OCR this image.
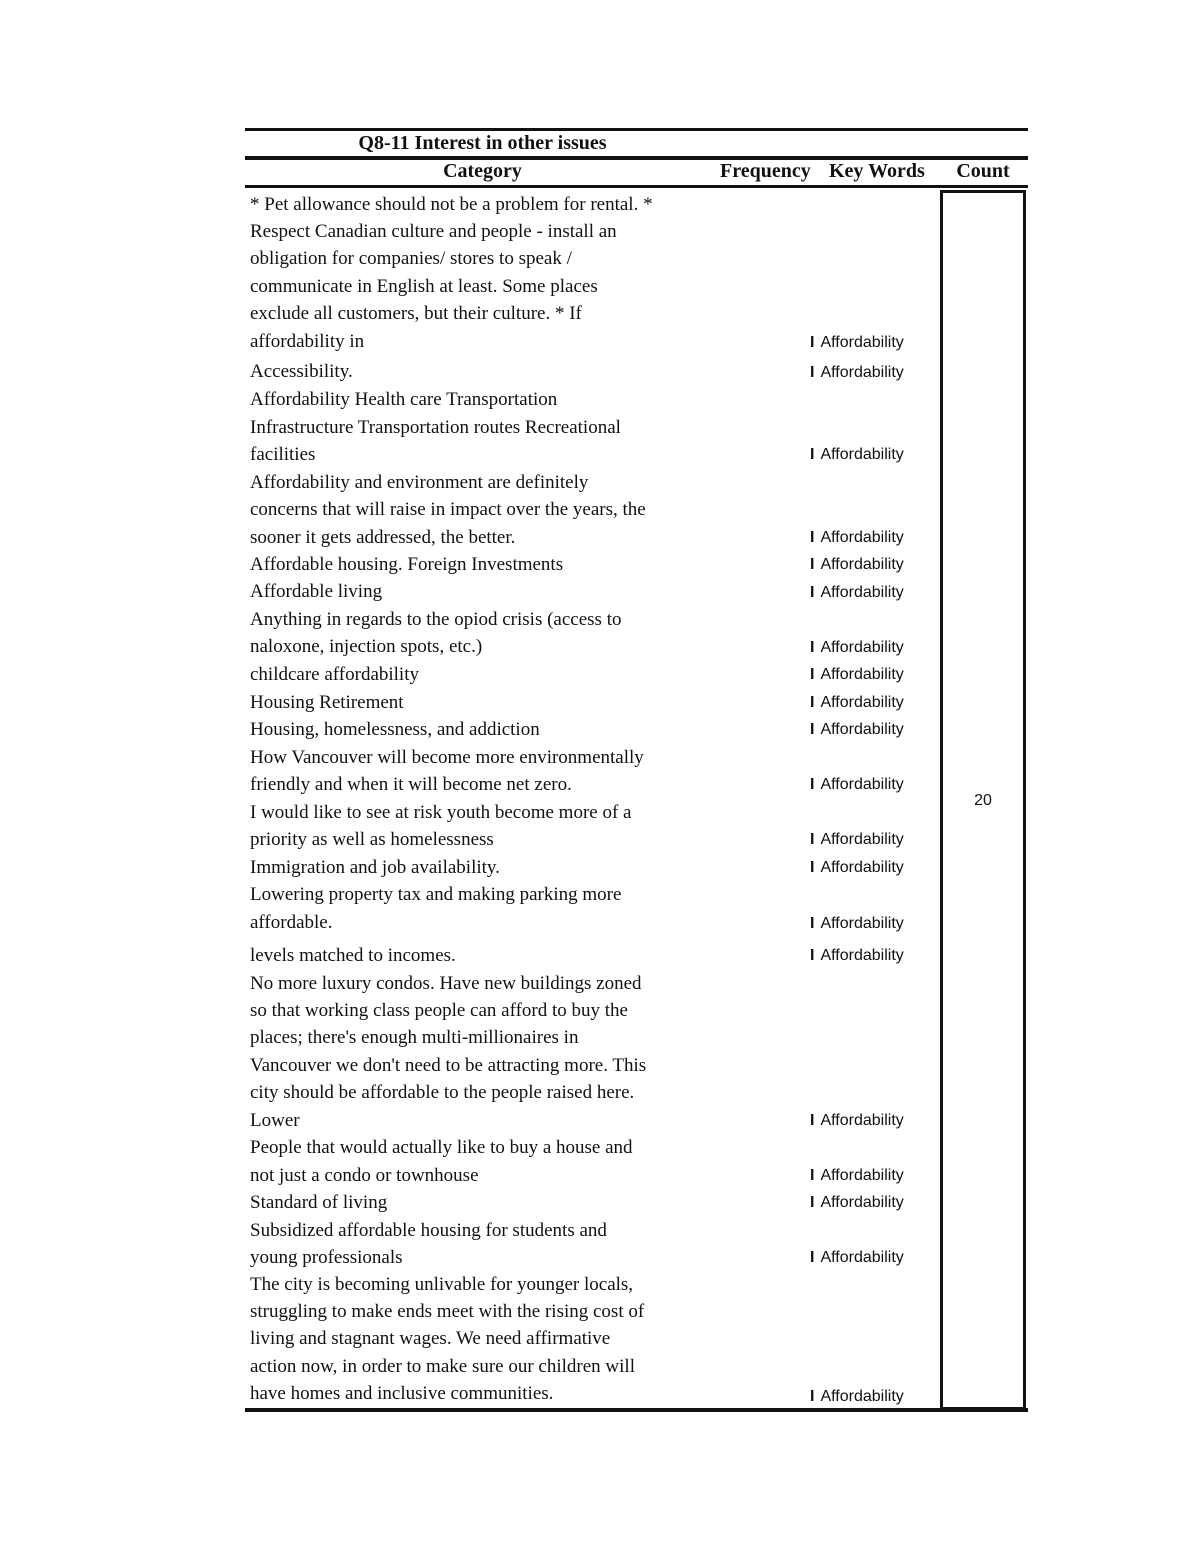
Q8-11 Interest in other issues
Category	Frequency Key Words	Count
20
* Pet allowance should not be a problem for rental. *
Respect Canadian culture and people - install an
obligation for companies/ stores to speak /
communicate in English at least. Some places
exclude all customers, but their culture. * If
affordability in
Accessibility.
Affordability Health care Transportation
Infrastructure Transportation routes Recreational
facilities
Affordability and environment are definitely
concerns that will raise in impact over the years, the
sooner it gets addressed, the better.
Affordable housing. Foreign Investments
Affordable living
Anything in regards to the opiod crisis (access to
naloxone, injection spots, etc.)
childcare affordability
Housing Retirement
Housing, homelessness, and addiction
How Vancouver will become more environmentally
friendly and when it will become net zero.
I would like to see at risk youth become more of a
priority as well as homelessness
Immigration and job availability.
Lowering property tax and making parking more
affordable.
levels matched to incomes.
No more luxury condos. Have new buildings zoned
so that working class people can afford to buy the
places; there's enough multi-millionaires in
Vancouver we don't need to be attracting more. This
city should be affordable to the people raised here.
Lower
People that would actually like to buy a house and
not just a condo or townhouse
Standard of living
Subsidized affordable housing for students and
young professionals
The city is becoming unlivable for younger locals,
struggling to make ends meet with the rising cost of
living and stagnant wages. We need affirmative
action now, in order to make sure our children will
have homes and inclusive communities.
I Affordability
I Affordability
I Affordability
I Affordability
I Affordability
I Affordability
I Affordability
I Affordability
I Affordability
I Affordability
I Affordability
I Affordability
I Affordability
I Affordability
I Affordability
I Affordability
I Affordability
I Affordability
I Affordability
I Affordability
